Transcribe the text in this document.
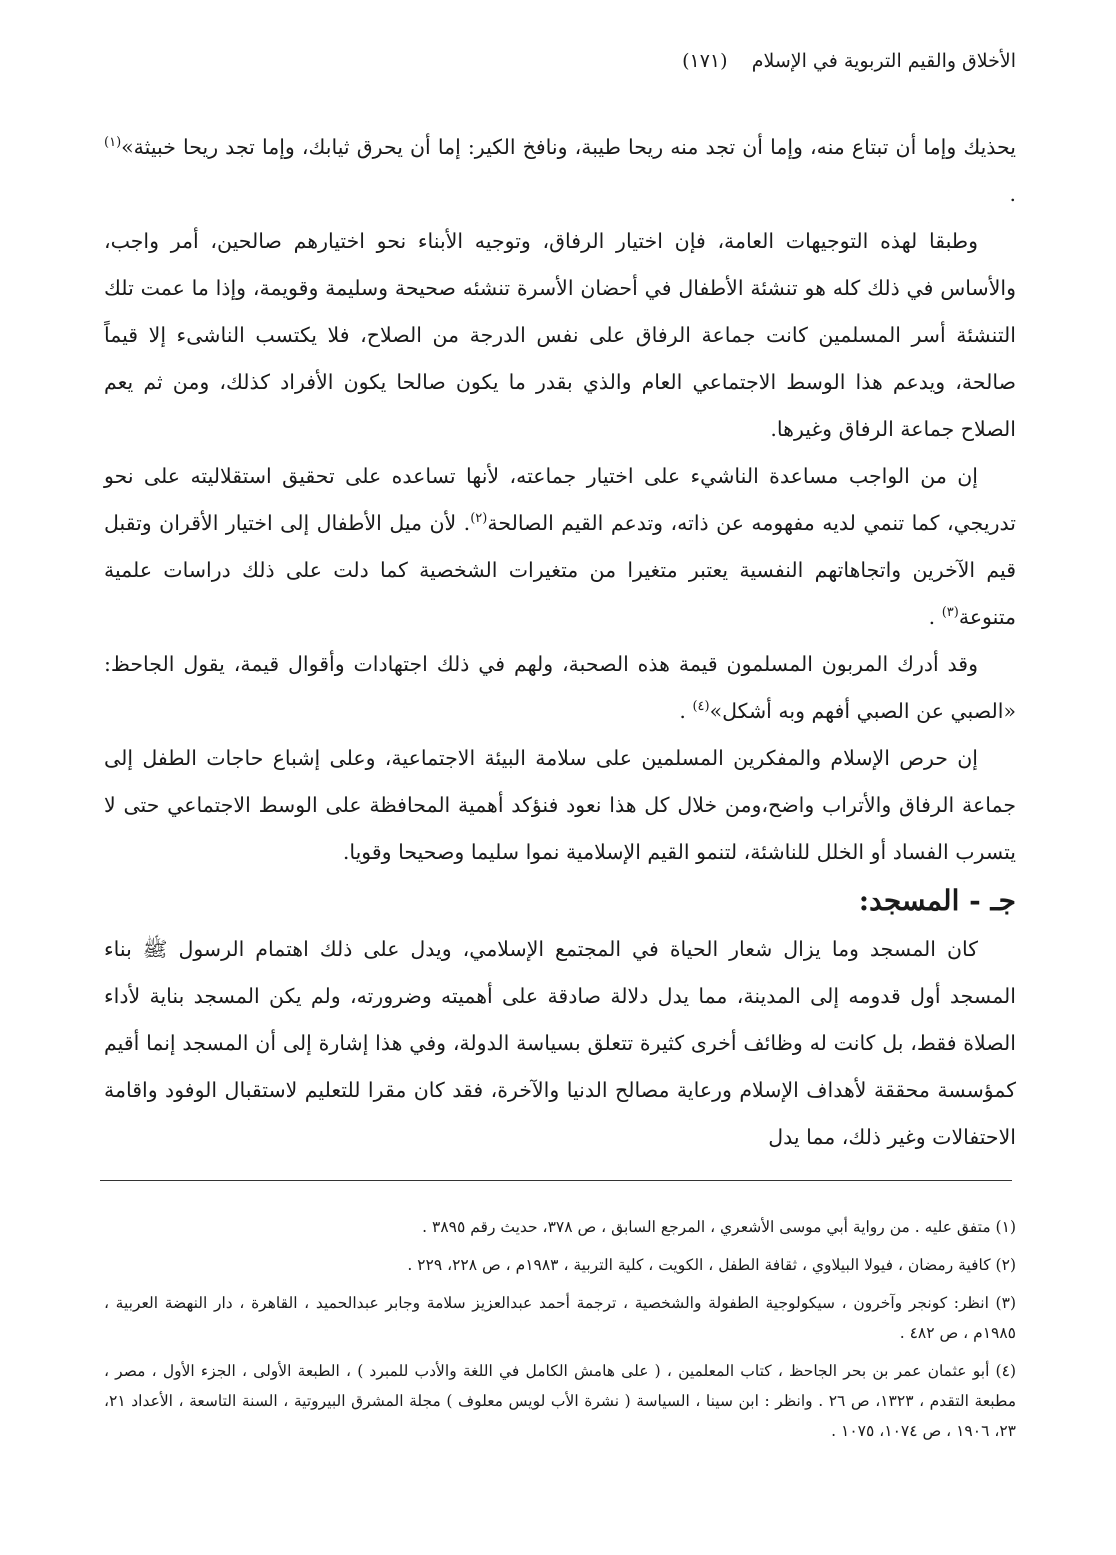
الأخلاق والقيم التربوية في الإسلام    (١٧١)

يحذيك وإما أن تبتاع منه، وإما أن تجد منه ريحا طيبة، ونافخ الكير: إما أن يحرق ثيابك، وإما تجد ريحا خبيثة»$^{(١)}$ .

وطبقا لهذه التوجيهات العامة، فإن اختيار الرفاق، وتوجيه الأبناء نحو اختيارهم صالحين، أمر واجب، والأساس في ذلك كله هو تنشئة الأطفال في أحضان الأسرة تنشئه صحيحة وسليمة وقويمة، وإذا ما عمت تلك التنشئة أسر المسلمين كانت جماعة الرفاق على نفس الدرجة من الصلاح، فلا يكتسب الناشىء إلا قيماً صالحة، ويدعم هذا الوسط الاجتماعي العام والذي بقدر ما يكون صالحا يكون الأفراد كذلك، ومن ثم يعم الصلاح جماعة الرفاق وغيرها.

إن من الواجب مساعدة الناشيء على اختيار جماعته، لأنها تساعده على تحقيق استقلاليته على نحو تدريجي، كما تنمي لديه مفهومه عن ذاته، وتدعم القيم الصالحة$^{(٢)}$. لأن ميل الأطفال إلى اختيار الأقران وتقبل قيم الآخرين واتجاهاتهم النفسية يعتبر متغيرا من متغيرات الشخصية كما دلت على ذلك دراسات علمية متنوعة$^{(٣)}$ .

وقد أدرك المربون المسلمون قيمة هذه الصحبة، ولهم في ذلك اجتهادات وأقوال قيمة، يقول الجاحظ: «الصبي عن الصبي أفهم وبه أشكل»$^{(٤)}$ .

إن حرص الإسلام والمفكرين المسلمين على سلامة البيئة الاجتماعية، وعلى إشباع حاجات الطفل إلى جماعة الرفاق والأتراب واضح،ومن خلال كل هذا نعود فنؤكد أهمية المحافظة على الوسط الاجتماعي حتى لا يتسرب الفساد أو الخلل للناشئة، لتنمو القيم الإسلامية نموا سليما وصحيحا وقويا.

جـ - المسجد:

كان المسجد وما يزال شعار الحياة في المجتمع الإسلامي، ويدل على ذلك اهتمام الرسول ﷺ بناء المسجد أول قدومه إلى المدينة، مما يدل دلالة صادقة على أهميته وضرورته، ولم يكن المسجد بناية لأداء الصلاة فقط، بل كانت له وظائف أخرى كثيرة تتعلق بسياسة الدولة، وفي هذا إشارة إلى أن المسجد إنما أقيم كمؤسسة محققة لأهداف الإسلام ورعاية مصالح الدنيا والآخرة، فقد كان مقرا للتعليم لاستقبال الوفود واقامة الاحتفالات وغير ذلك، مما يدل

(١) متفق عليه . من رواية أبي موسى الأشعري ، المرجع السابق ، ص ٣٧٨، حديث رقم ٣٨٩٥ .

(٢) كافية رمضان ، فيولا البيلاوي ، ثقافة الطفل ، الكويت ، كلية التربية ، ١٩٨٣م ، ص ٢٢٨، ٢٢٩ .

(٣) انظر: كونجر وآخرون ، سيكولوجية الطفولة والشخصية ، ترجمة أحمد عبدالعزيز سلامة وجابر عبدالحميد ، القاهرة ، دار النهضة العربية ، ١٩٨٥م ، ص ٤٨٢ .

(٤) أبو عثمان عمر بن بحر الجاحظ ، كتاب المعلمين ، ( على هامش الكامل في اللغة والأدب للمبرد ) ، الطبعة الأولى ، الجزء الأول ، مصر ، مطبعة التقدم ، ١٣٢٣، ص ٢٦ . وانظر : ابن سينا ، السياسة ( نشرة الأب لويس معلوف ) مجلة المشرق البيروتية ، السنة التاسعة ، الأعداد ٢١، ٢٣، ١٩٠٦ ، ص ١٠٧٤، ١٠٧٥ .
